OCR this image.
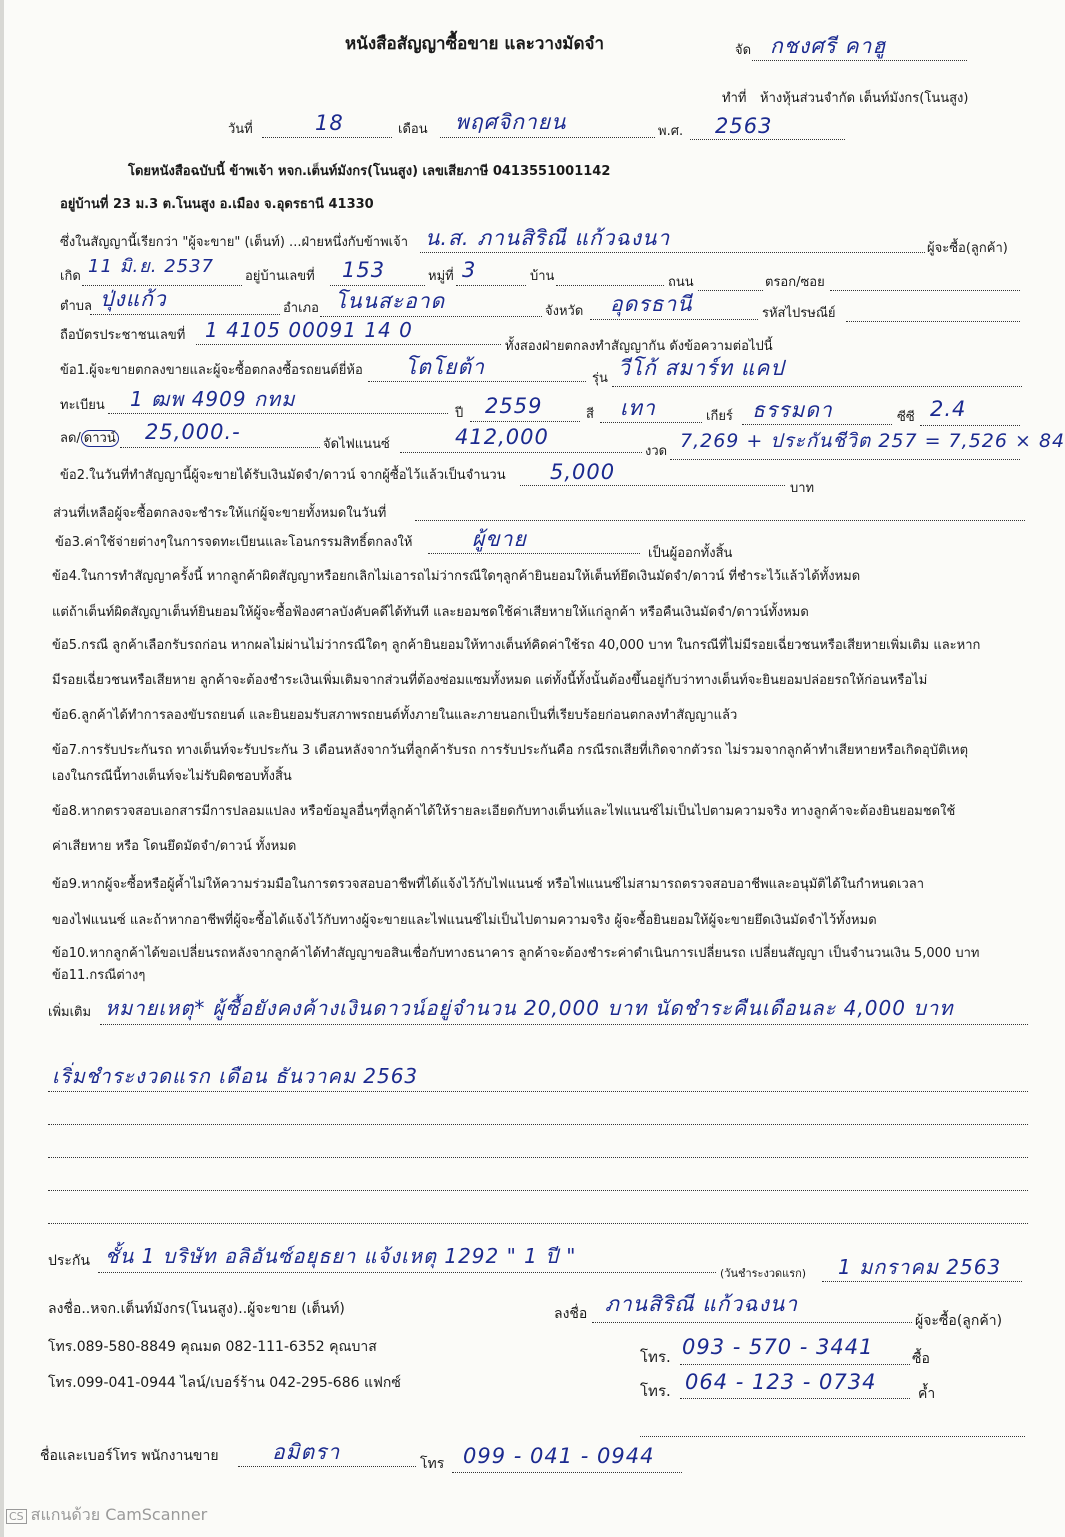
หนังสือสัญญาซื้อขาย และวางมัดจำ	จัด กชงศรี คาฮู
ทำที่ ห้างหุ้นส่วนจำกัด เต็นท์มังกร(โนนสูง)
วันที่	18	เดือน พฤศจิกายน	พ.ศ. 2563
โดยหนังสือฉบับนี้ ข้าพเจ้า หจก.เต็นท์มังกร(โนนสูง) เลขเสียภาษี 0413551001142
อยู่บ้านที่ 23 ม.3 ต.โนนสูง อ.เมือง จ.อุดรธานี 41330
ซึ่งในสัญญานี้เรียกว่า "ผู้จะขาย" (เต็นท์) ...ฝ่ายหนึ่งกับข้าพเจ้า น.ส. ภานสิริณี แก้วฉงนา	ผู้จะซื้อ(ลูกค้า)
เกิด 11 มิ.ย. 2537 อยู่บ้านเลขที่ 153	หมู่ที่ 3	บ้าน	ถนน	ตรอก/ซอย
ตำบล ปุ่งแก้ว	อำเภอ โนนสะอาด	จังหวัด อุดรธานี	รหัสไปรษณีย์
ถือบัตรประชาชนเลขที่ 1 4105 00091 14 0
ทั้งสองฝ่ายตกลงทำสัญญากัน ดังข้อความต่อไปนี้
ข้อ1.ผู้จะขายตกลงขายและผู้จะซื้อตกลงซื้อรถยนต์ยี่ห้อ โตโยต้า	รุ่น วีโก้ สมาร์ท แคป
ทะเบียน 1 ฒพ 4909 กทม
ปี 2559	สี เทา	เกียร์ ธรรมดา	ซีซี 2.4
ลด/ ดาวน์ 25,000.-
จัดไฟแนนซ์	412,000
งวด 7,269 + ประกันชีวิต 257 = 7,526 × 84
ข้อ2.ในวันที่ทำสัญญานี้ผู้จะขายได้รับเงินมัดจำ/ดาวน์ จากผู้ซื้อไว้แล้วเป็นจำนวน 5,000
บาท
ส่วนที่เหลือผู้จะซื้อตกลงจะชำระให้แก่ผู้จะขายทั้งหมดในวันที่
ข้อ3.ค่าใช้จ่ายต่างๆในการจดทะเบียนและโอนกรรมสิทธิ์ตกลงให้	ผู้ขาย
เป็นผู้ออกทั้งสิ้น
ข้อ4.ในการทำสัญญาครั้งนี้ หากลูกค้าผิดสัญญาหรือยกเลิกไม่เอารถไม่ว่ากรณีใดๆลูกค้ายินยอมให้เต็นท์ยึดเงินมัดจำ/ดาวน์ ที่ชำระไว้แล้วได้ทั้งหมด
แต่ถ้าเต็นท์ผิดสัญญาเต็นท์ยินยอมให้ผู้จะซื้อฟ้องศาลบังคับคดีได้ทันที และยอมชดใช้ค่าเสียหายให้แก่ลูกค้า หรือคืนเงินมัดจำ/ดาวน์ทั้งหมด
ข้อ5.กรณี ลูกค้าเลือกรับรถก่อน หากผลไม่ผ่านไม่ว่ากรณีใดๆ ลูกค้ายินยอมให้ทางเต็นท์คิดค่าใช้รถ 40,000 บาท ในกรณีที่ไม่มีรอยเฉี่ยวชนหรือเสียหายเพิ่มเติม และหาก
มีรอยเฉี่ยวชนหรือเสียหาย ลูกค้าจะต้องชำระเงินเพิ่มเติมจากส่วนที่ต้องซ่อมแซมทั้งหมด แต่ทั้งนี้ทั้งนั้นต้องขึ้นอยู่กับว่าทางเต็นท์จะยินยอมปล่อยรถให้ก่อนหรือไม่
ข้อ6.ลูกค้าได้ทำการลองขับรถยนต์ และยินยอมรับสภาพรถยนต์ทั้งภายในและภายนอกเป็นที่เรียบร้อยก่อนตกลงทำสัญญาแล้ว
ข้อ7.การรับประกันรถ ทางเต็นท์จะรับประกัน 3 เดือนหลังจากวันที่ลูกค้ารับรถ การรับประกันคือ กรณีรถเสียที่เกิดจากตัวรถ ไม่รวมจากลูกค้าทำเสียหายหรือเกิดอุบัติเหตุ
เองในกรณีนี้ทางเต็นท์จะไม่รับผิดชอบทั้งสิ้น
ข้อ8.หากตรวจสอบเอกสารมีการปลอมแปลง หรือข้อมูลอื่นๆที่ลูกค้าได้ให้รายละเอียดกับทางเต็นท์และไฟแนนซ์ไม่เป็นไปตามความจริง ทางลูกค้าจะต้องยินยอมชดใช้
ค่าเสียหาย หรือ โดนยึดมัดจำ/ดาวน์ ทั้งหมด
ข้อ9.หากผู้จะซื้อหรือผู้ค้ำไม่ให้ความร่วมมือในการตรวจสอบอาชีพที่ได้แจ้งไว้กับไฟแนนซ์ หรือไฟแนนซ์ไม่สามารถตรวจสอบอาชีพและอนุมัติได้ในกำหนดเวลา
ของไฟแนนซ์ และถ้าหากอาชีพที่ผู้จะซื้อได้แจ้งไว้กับทางผู้จะขายและไฟแนนซ์ไม่เป็นไปตามความจริง ผู้จะซื้อยินยอมให้ผู้จะขายยึดเงินมัดจำไว้ทั้งหมด
ข้อ10.หากลูกค้าได้ขอเปลี่ยนรถหลังจากลูกค้าได้ทำสัญญาขอสินเชื่อกับทางธนาคาร ลูกค้าจะต้องชำระค่าดำเนินการเปลี่ยนรถ เปลี่ยนสัญญา เป็นจำนวนเงิน 5,000 บาท
ข้อ11.กรณีต่างๆ
เพิ่มเติม หมายเหตุ* ผู้ซื้อยังคงค้างเงินดาวน์อยู่จำนวน 20,000 บาท นัดชำระคืนเดือนละ 4,000 บาท
เริ่มชำระงวดแรก เดือน ธันวาคม 2563
ประกัน ชั้น 1 บริษัท อลิอันซ์อยุธยา แจ้งเหตุ 1292 " 1 ปี "
(วันชำระงวดแรก) 1 มกราคม 2563
ลงชื่อ..หจก.เต็นท์มังกร(โนนสูง)..ผู้จะขาย (เต็นท์)	ลงชื่อ ภานสิริณี แก้วฉงนา
ผู้จะซื้อ(ลูกค้า)
โทร.089-580-8849 คุณมด 082-111-6352 คุณบาส
โทร.099-041-0944 ไลน์/เบอร์ร้าน 042-295-686 แฟกซ์
โทร. 093 - 570 - 3441	ซื้อ
โทร. 064 - 123 - 0734	ค้ำ
ชื่อและเบอร์โทร พนักงานขาย	อมิตรา	โทร 099 - 041 - 0944
CS สแกนด้วย CamScanner
